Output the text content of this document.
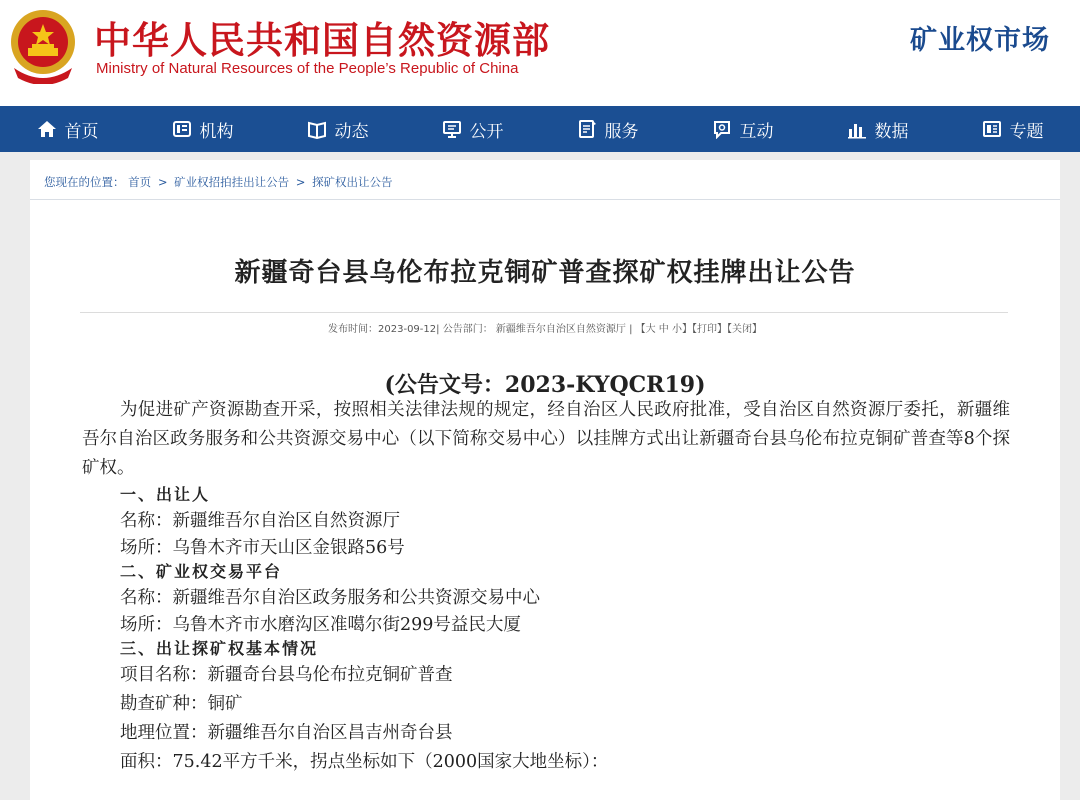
中华人民共和国自然资源部
Ministry of Natural Resources of the People’s Republic of China
矿业权市场
首页	机构	动态	公开	服务	互动	数据	专题
您现在的位置： 首页 > 矿业权招拍挂出让公告 > 探矿权出让公告
新疆奇台县乌伦布拉克铜矿普查探矿权挂牌出让公告
发布时间：2023-09-12| 公告部门： 新疆维吾尔自治区自然资源厅 | 【大 中 小】【打印】【关闭】
(公告文号：2023-KYQCR19)

为促进矿产资源勘查开采，按照相关法律法规的规定，经自治区人民政府批准，受自治区自然资源厅委托，新疆维吾尔自治区政务服务和公共资源交易中心（以下简称交易中心）以挂牌方式出让新疆奇台县乌伦布拉克铜矿普查等8个探矿权。

一、出让人

名称：新疆维吾尔自治区自然资源厅

场所：乌鲁木齐市天山区金银路56号

二、矿业权交易平台

名称：新疆维吾尔自治区政务服务和公共资源交易中心

场所：乌鲁木齐市水磨沟区准噶尔街299号益民大厦

三、出让探矿权基本情况

项目名称：新疆奇台县乌伦布拉克铜矿普查

勘查矿种：铜矿

地理位置：新疆维吾尔自治区昌吉州奇台县

面积：75.42平方千米，拐点坐标如下（2000国家大地坐标）：
